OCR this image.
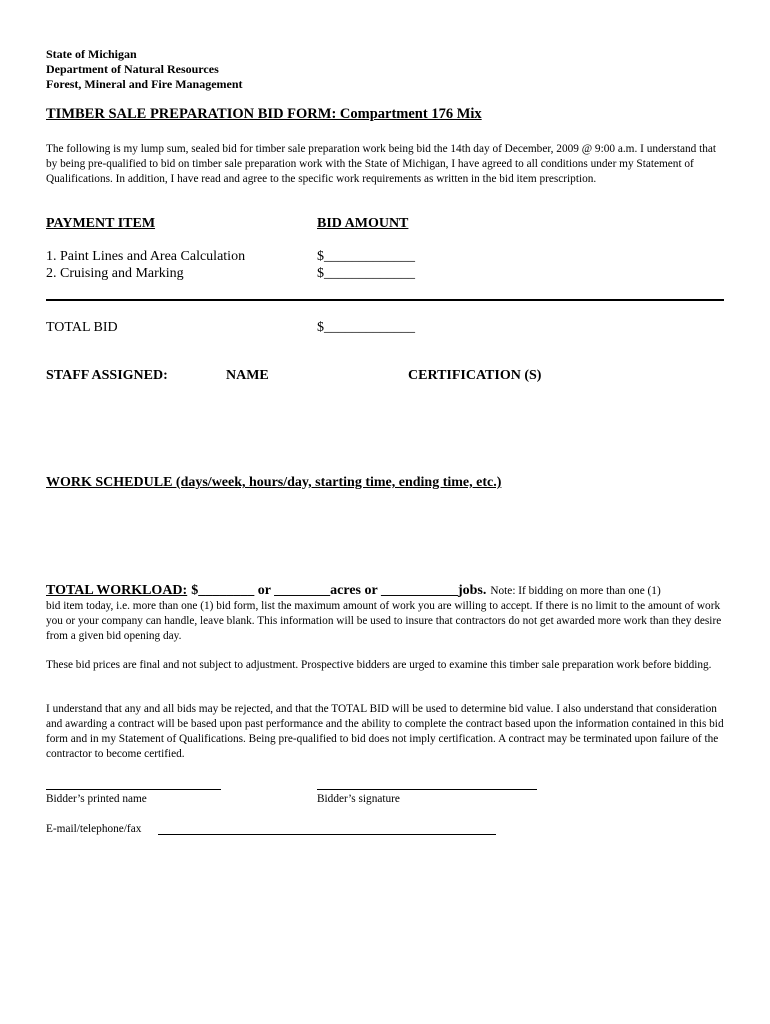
State of Michigan
Department of Natural Resources
Forest, Mineral and Fire Management
TIMBER SALE PREPARATION BID FORM: Compartment 176 Mix
The following is my lump sum, sealed bid for timber sale preparation work being bid the 14th day of December, 2009 @ 9:00 a.m. I understand that by being pre-qualified to bid on timber sale preparation work with the State of Michigan, I have agreed to all conditions under my Statement of Qualifications. In addition, I have read and agree to the specific work requirements as written in the bid item prescription.
PAYMENT ITEM	BID AMOUNT
1. Paint Lines and Area Calculation	$_____________
2. Cruising and Marking	$_____________
TOTAL BID	$_____________
STAFF ASSIGNED:	NAME	CERTIFICATION (S)
WORK SCHEDULE (days/week, hours/day, starting time, ending time, etc.)
TOTAL WORKLOAD: $________ or ________acres or ___________jobs. Note: If bidding on more than one (1)
bid item today, i.e. more than one (1) bid form, list the maximum amount of work you are willing to accept. If there is no limit to the amount of work you or your company can handle, leave blank. This information will be used to insure that contractors do not get awarded more work than they desire from a given bid opening day.
These bid prices are final and not subject to adjustment. Prospective bidders are urged to examine this timber sale preparation work before bidding.
I understand that any and all bids may be rejected, and that the TOTAL BID will be used to determine bid value. I also understand that consideration and awarding a contract will be based upon past performance and the ability to complete the contract based upon the information contained in this bid form and in my Statement of Qualifications. Being pre-qualified to bid does not imply certification. A contract may be terminated upon failure of the contractor to become certified.
Bidder’s printed name	Bidder’s signature
E-mail/telephone/fax
